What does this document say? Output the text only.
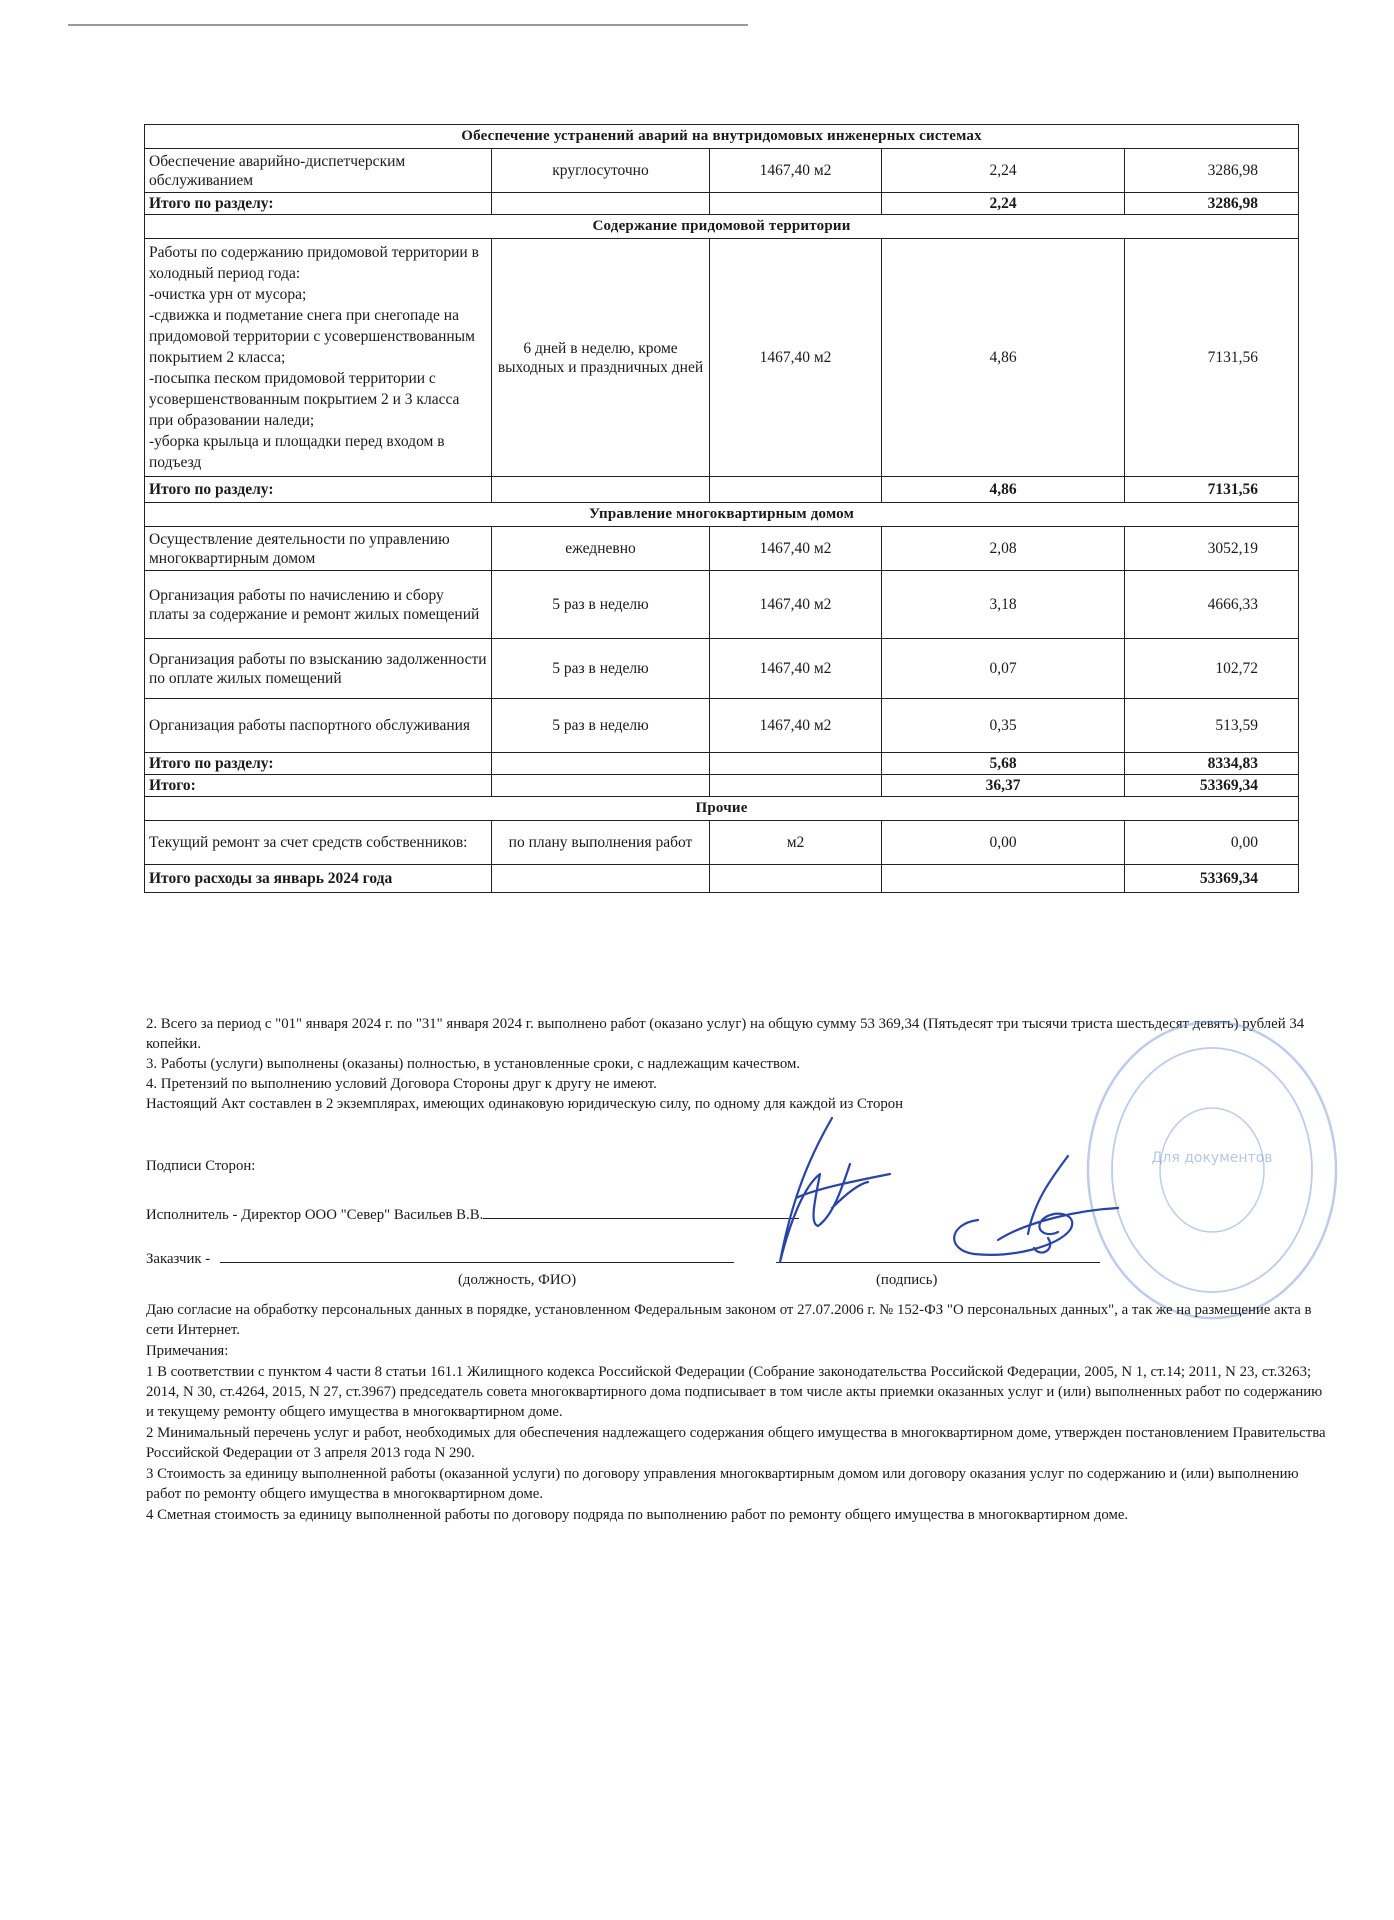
Обеспечение устранений аварий на внутридомовых инженерных системах				
Обеспечение аварийно-диспетчерским обслуживанием	круглосуточно	1467,40 м2	2,24	3286,98
Итого по разделу:			2,24	3286,98
Содержание придомовой территории				
Работы по содержанию придомовой территории в холодный период года:
-очистка урн от мусора;
-сдвижка и подметание снега при снегопаде на придомовой территории с усовершенствованным покрытием 2 класса;
-посыпка песком придомовой территории с усовершенствованным покрытием 2 и 3 класса при образовании наледи;
-уборка крыльца и площадки перед входом в подъезд	6 дней в неделю, кроме выходных и праздничных дней	1467,40 м2	4,86	7131,56
Итого по разделу:			4,86	7131,56
Управление многоквартирным домом				
Осуществление деятельности по управлению многоквартирным домом	ежедневно	1467,40 м2	2,08	3052,19
Организация работы по начислению и сбору платы за содержание и ремонт жилых помещений	5 раз в неделю	1467,40 м2	3,18	4666,33
Организация работы по взысканию задолженности по оплате жилых помещений	5 раз в неделю	1467,40 м2	0,07	102,72
Организация работы паспортного обслуживания	5 раз в неделю	1467,40 м2	0,35	513,59
Итого по разделу:			5,68	8334,83
Итого:			36,37	53369,34
Прочие				
Текущий ремонт за счет средств собственников:	по плану выполнения работ	м2	0,00	0,00
Итого расходы за январь 2024 года				53369,34

2. Всего за период с "01" января 2024 г. по "31" января 2024 г. выполнено работ (оказано услуг) на общую сумму 53 369,34 (Пятьдесят три тысячи триста шестьдесят девять) рублей 34 копейки.

3. Работы (услуги) выполнены (оказаны) полностью, в установленные сроки, с надлежащим качеством.

4. Претензий по выполнению условий Договора Стороны друг к другу не имеют.

Настоящий Акт составлен в 2 экземплярах, имеющих одинаковую юридическую силу, по одному для каждой из Сторон

Подписи Сторон:
Исполнитель - Директор ООО "Север" Васильев В.В.
Заказчик -
(должность, ФИО)	(подпись)
Для документов

Даю согласие на обработку персональных данных в порядке, установленном Федеральным законом от 27.07.2006 г. № 152-ФЗ "О персональных данных", а так же на размещение акта в сети Интернет.

Примечания:

1 В соответствии с пунктом 4 части 8 статьи 161.1 Жилищного кодекса Российской Федерации (Собрание законодательства Российской Федерации, 2005, N 1, ст.14; 2011, N 23, ст.3263; 2014, N 30, ст.4264, 2015, N 27, ст.3967) председатель совета многоквартирного дома подписывает в том числе акты приемки оказанных услуг и (или) выполненных работ по содержанию и текущему ремонту общего имущества в многоквартирном доме.

2 Минимальный перечень услуг и работ, необходимых для обеспечения надлежащего содержания общего имущества в многоквартирном доме, утвержден постановлением Правительства Российской Федерации от 3 апреля 2013 года N 290.

3 Стоимость за единицу выполненной работы (оказанной услуги) по договору управления многоквартирным домом или договору оказания услуг по содержанию и (или) выполнению работ по ремонту общего имущества в многоквартирном доме.

4 Сметная стоимость за единицу выполненной работы по договору подряда по выполнению работ по ремонту общего имущества в многоквартирном доме.
